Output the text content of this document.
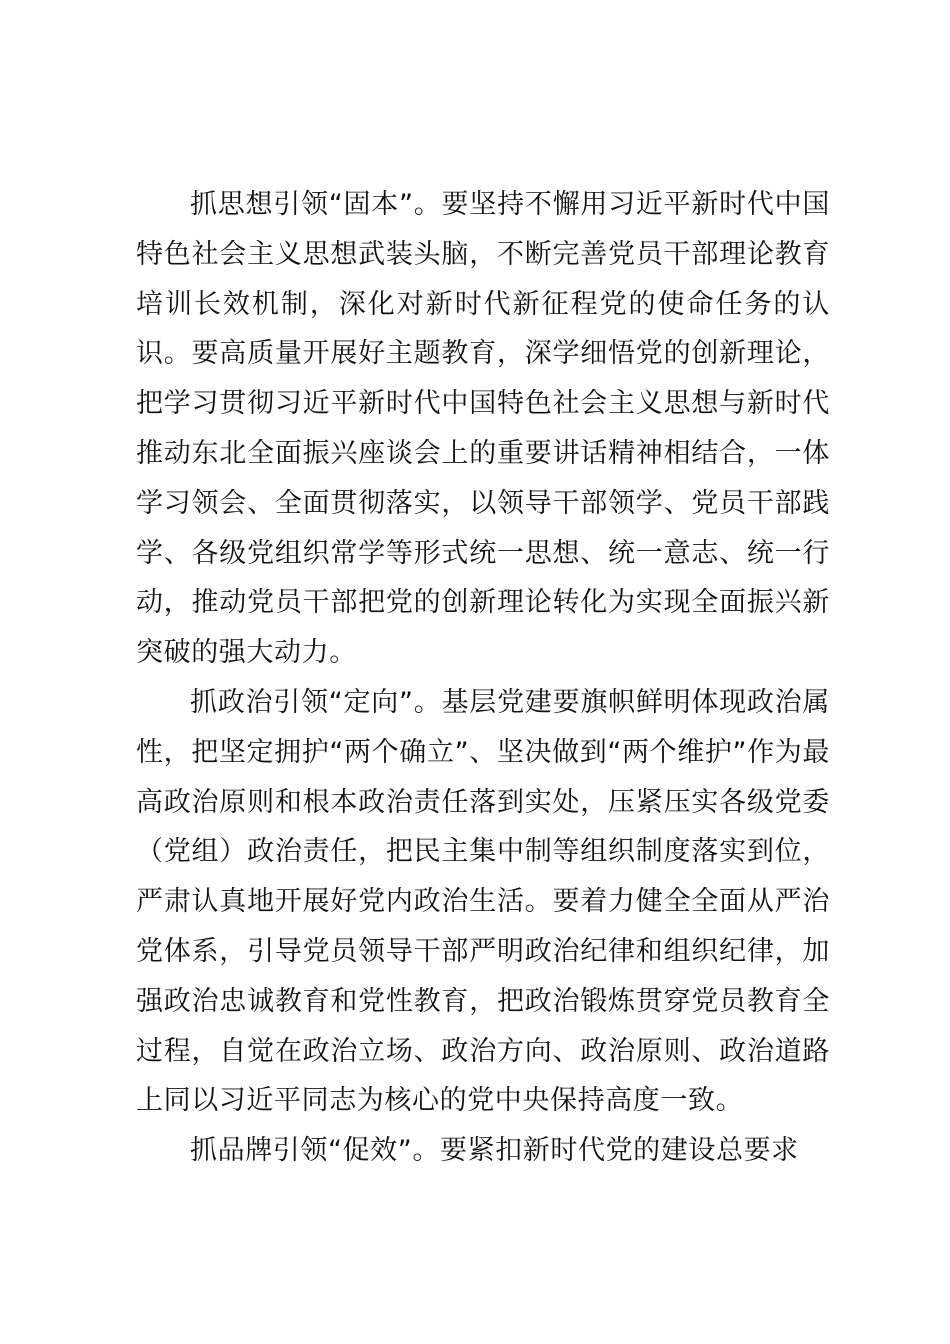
抓思想引领“固本”。要坚持不懈用习近平新时代中国特色社会主义思想武装头脑，不断完善党员干部理论教育培训长效机制，深化对新时代新征程党的使命任务的认识。要高质量开展好主题教育，深学细悟党的创新理论，把学习贯彻习近平新时代中国特色社会主义思想与新时代推动东北全面振兴座谈会上的重要讲话精神相结合，一体学习领会、全面贯彻落实，以领导干部领学、党员干部践学、各级党组织常学等形式统一思想、统一意志、统一行动，推动党员干部把党的创新理论转化为实现全面振兴新突破的强大动力。

抓政治引领“定向”。基层党建要旗帜鲜明体现政治属性，把坚定拥护“两个确立”、坚决做到“两个维护”作为最高政治原则和根本政治责任落到实处，压紧压实各级党委（党组）政治责任，把民主集中制等组织制度落实到位，严肃认真地开展好党内政治生活。要着力健全全面从严治党体系，引导党员领导干部严明政治纪律和组织纪律，加强政治忠诚教育和党性教育，把政治锻炼贯穿党员教育全过程，自觉在政治立场、政治方向、政治原则、政治道路上同以习近平同志为核心的党中央保持高度一致。

抓品牌引领“促效”。要紧扣新时代党的建设总要求
